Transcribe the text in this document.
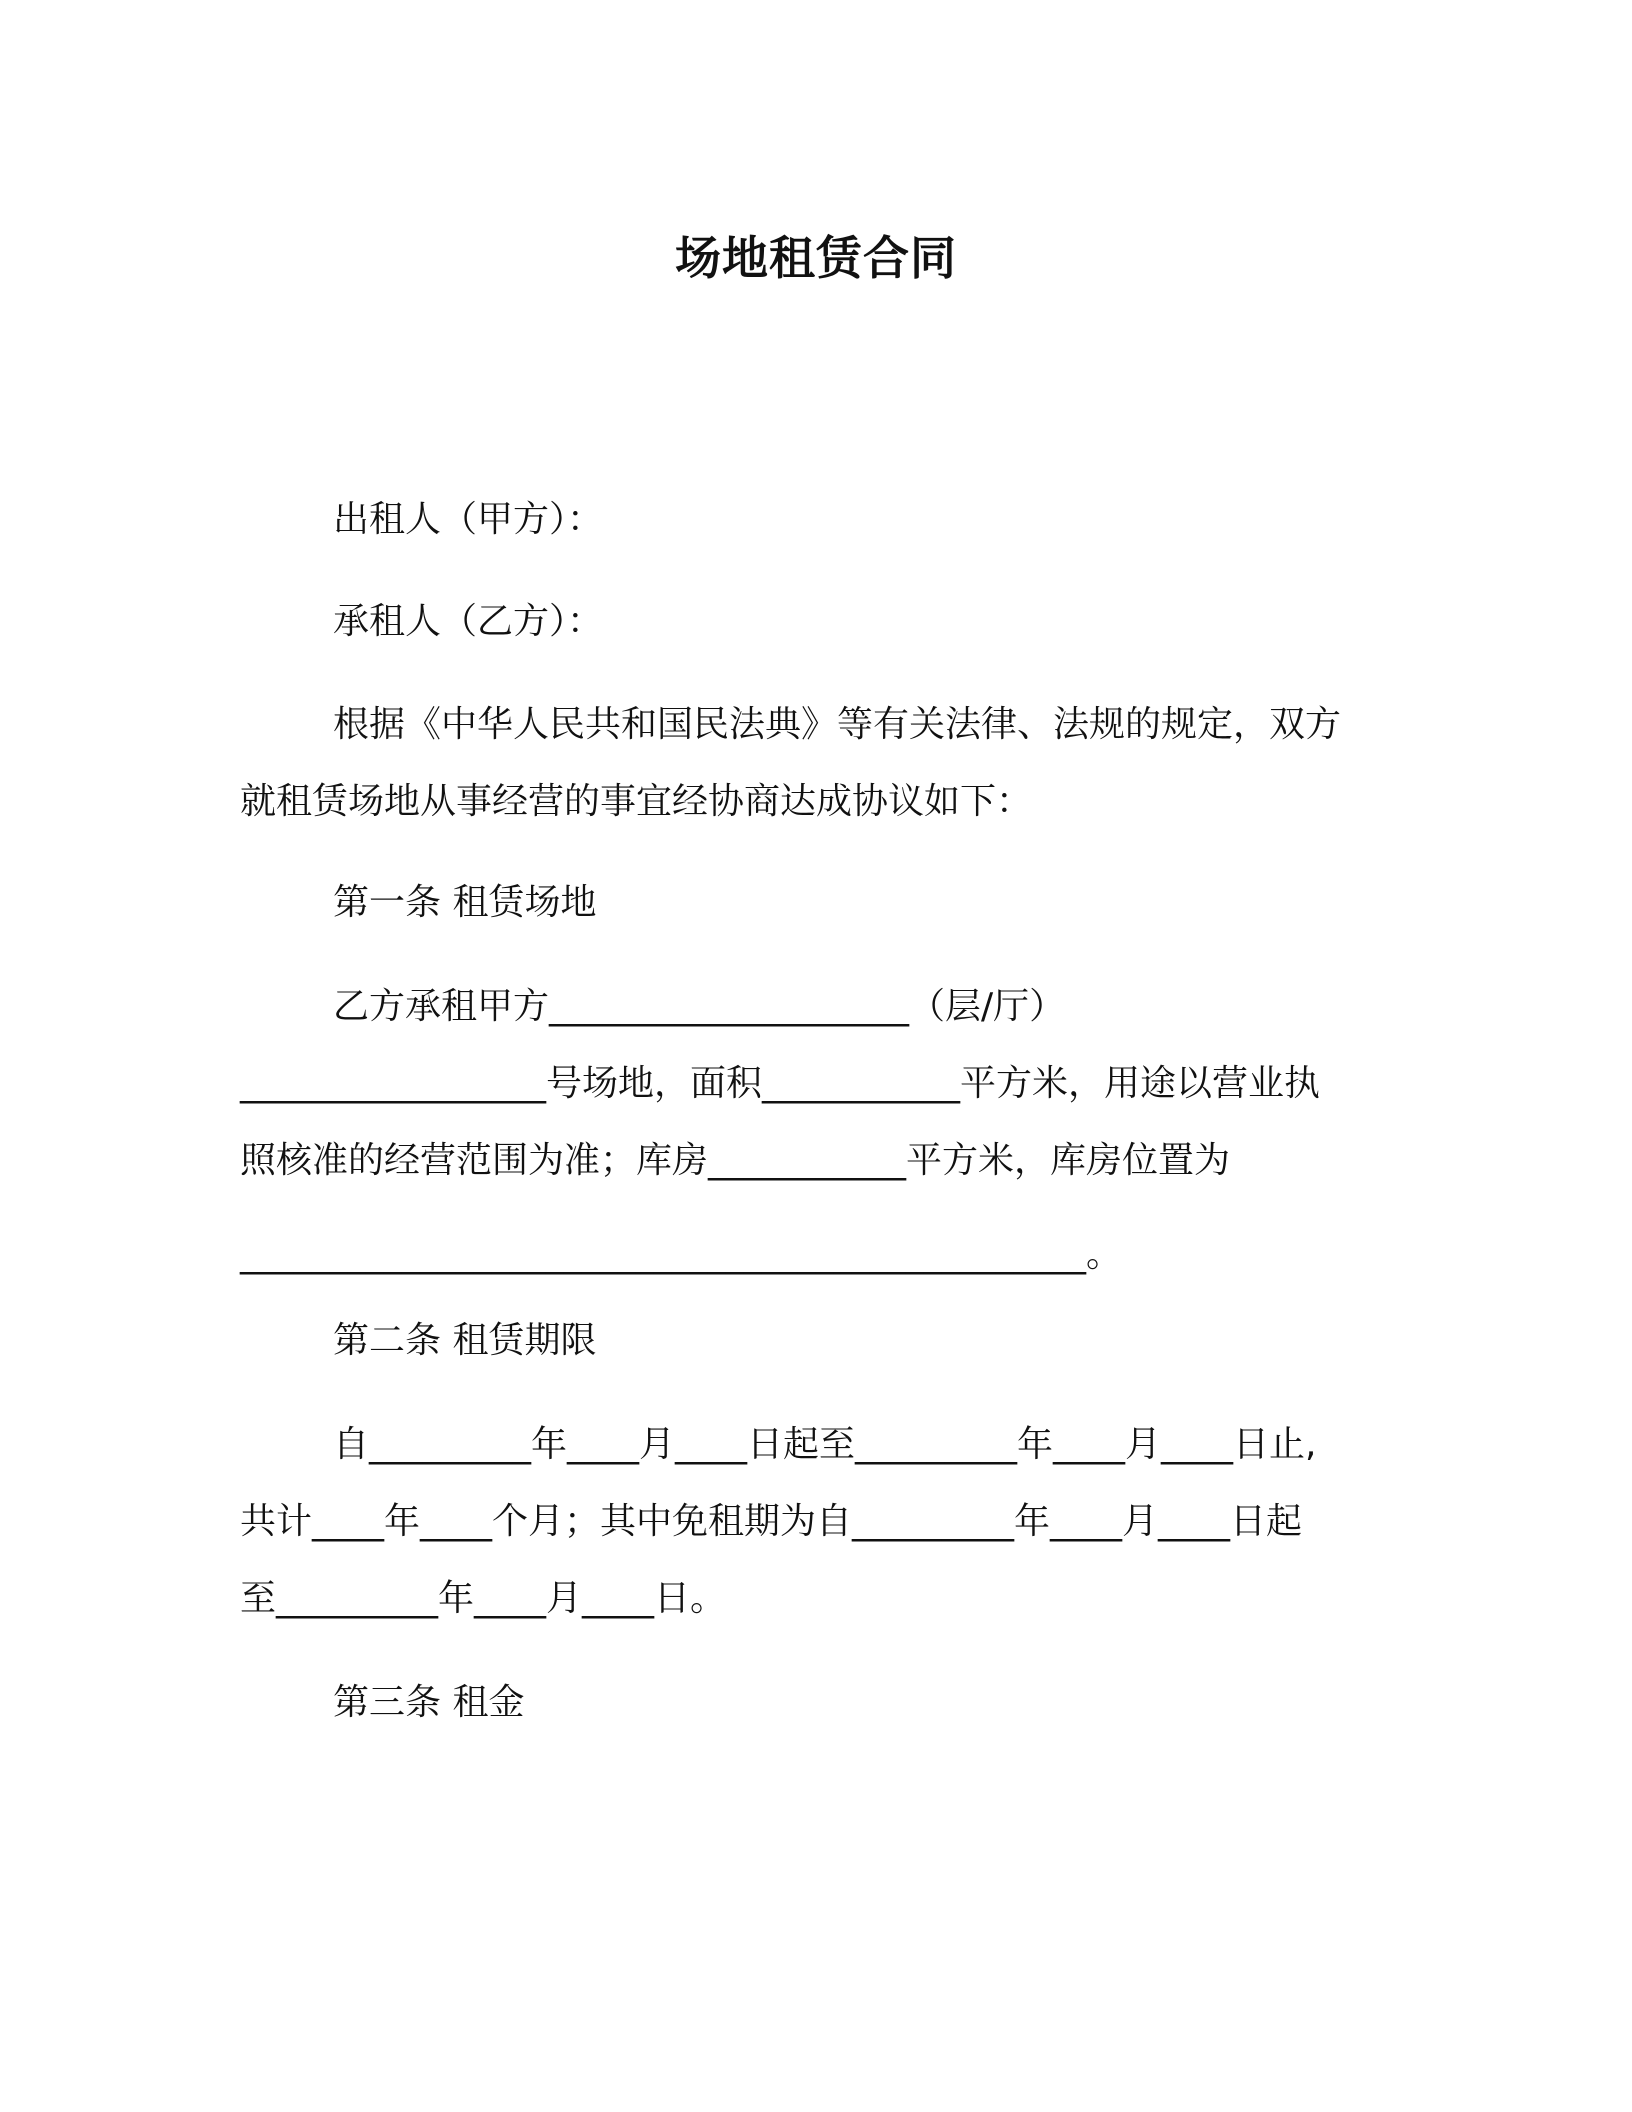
场地租赁合同
出租人（甲方）：
承租人（乙方）：
根据《中华人民共和国民法典》等有关法律、法规的规定，双方
就租赁场地从事经营的事宜经协商达成协议如下：
第一条 租赁场地
乙方承租甲方____________________（层/厅）
_________________号场地，面积___________平方米，用途以营业执
照核准的经营范围为准；库房___________平方米，库房位置为
_______________________________________________。
第二条 租赁期限
自_________年____月____日起至_________年____月____日止,
共计____年____个月；其中免租期为自_________年____月____日起
至_________年____月____日。
第三条 租金
